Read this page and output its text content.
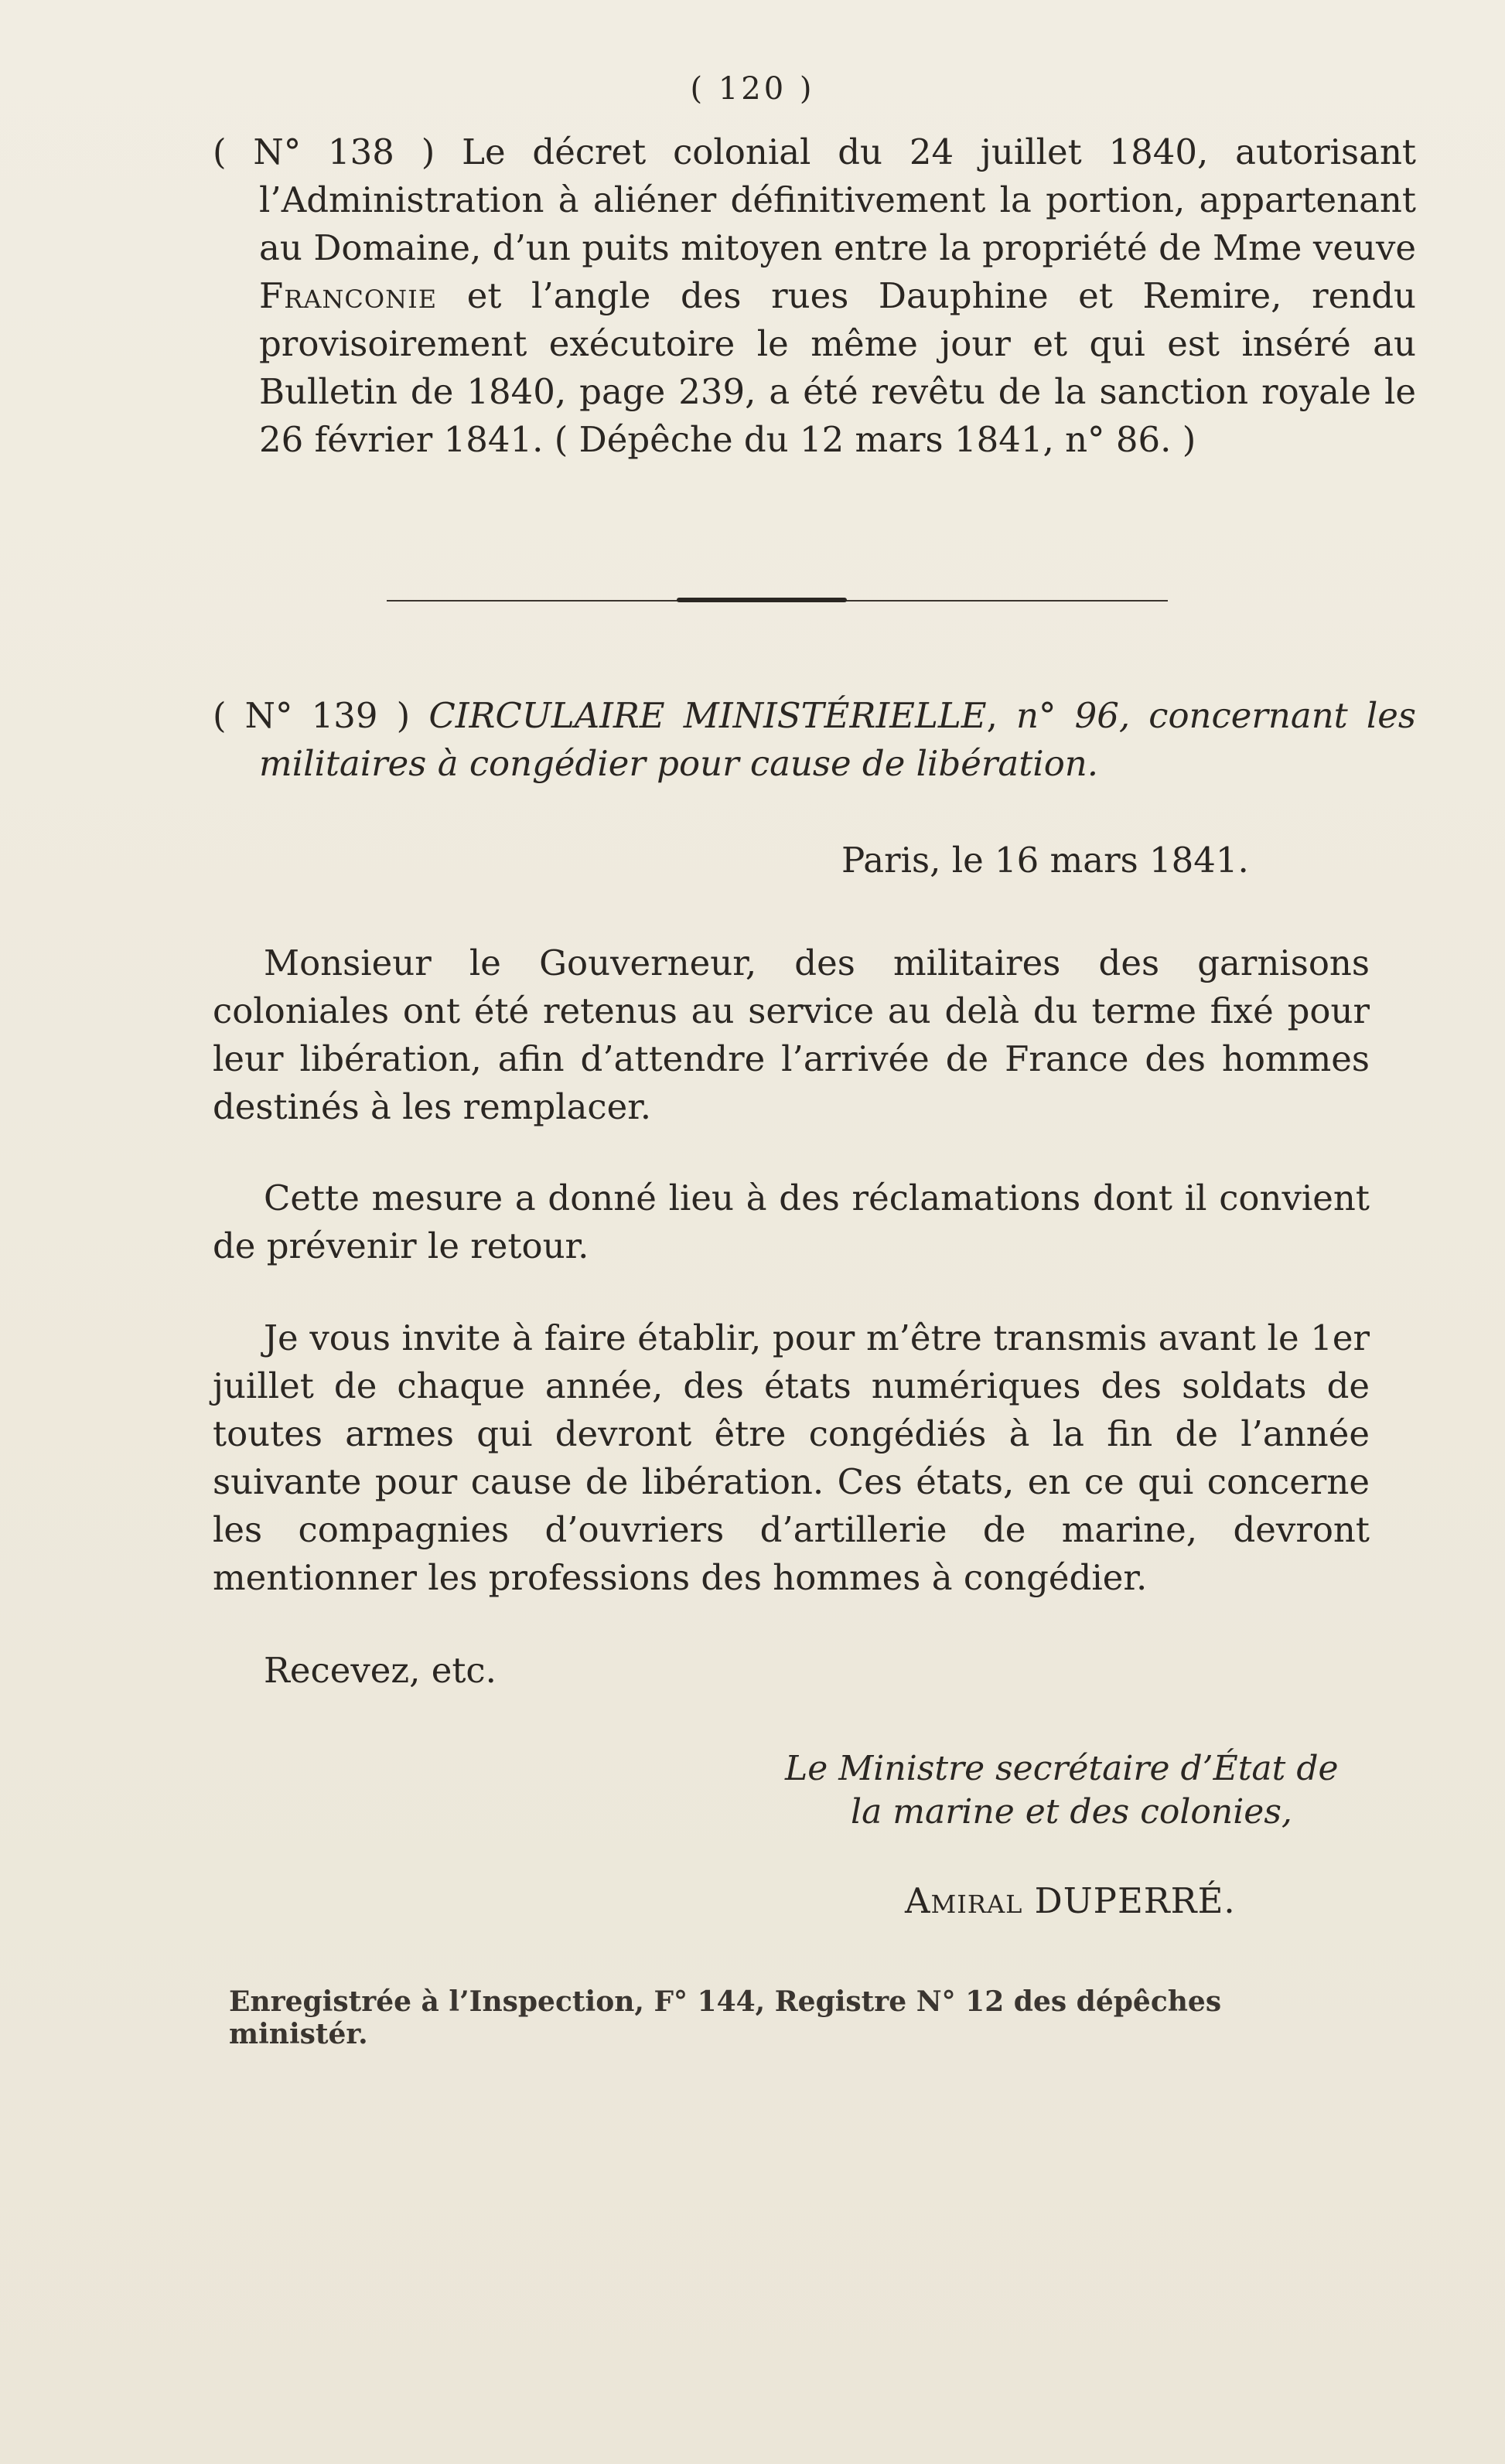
( 120 )
( N° 138 ) Le décret colonial du 24 juillet 1840, autorisant l’Administration à aliéner définitivement la portion, appartenant au Domaine, d’un puits mitoyen entre la propriété de Mme veuve Franconie et l’angle des rues Dauphine et Remire, rendu provisoirement exécutoire le même jour et qui est inséré au Bulletin de 1840, page 239, a été revêtu de la sanction royale le 26 février 1841. ( Dépêche du 12 mars 1841, n° 86. )
( N° 139 ) CIRCULAIRE MINISTÉRIELLE, n° 96, concernant les militaires à congédier pour cause de libération.
Paris, le 16 mars 1841.
Monsieur le Gouverneur, des militaires des garnisons coloniales ont été retenus au service au delà du terme fixé pour leur libération, afin d’attendre l’arrivée de France des hommes destinés à les remplacer.
Cette mesure a donné lieu à des réclamations dont il convient de prévenir le retour.
Je vous invite à faire établir, pour m’être transmis avant le 1er juillet de chaque année, des états numériques des soldats de toutes armes qui devront être congédiés à la fin de l’année suivante pour cause de libération. Ces états, en ce qui concerne les compagnies d’ouvriers d’artillerie de marine, devront mentionner les professions des hommes à congédier.
Recevez, etc.
Le Ministre secrétaire d’État de
la marine et des colonies,
Amiral DUPERRÉ.
Enregistrée à l’Inspection, F° 144, Registre N° 12 des dépêches ministér.
